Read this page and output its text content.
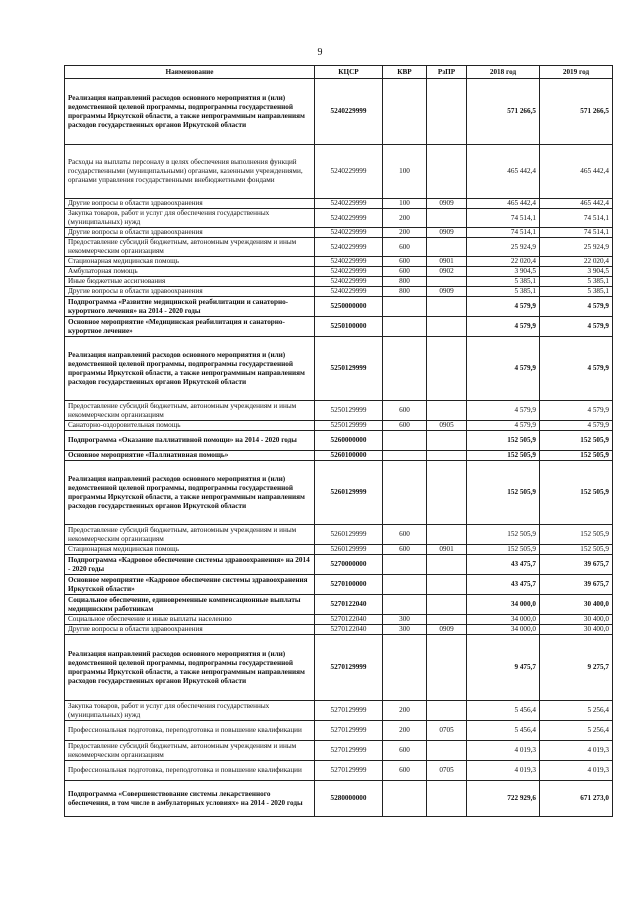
9
Наименование	КЦСР	КВР	РзПР	2018 год	2019 год
Реализация направлений расходов основного мероприятия и (или) ведомственной целевой программы, подпрограммы государственной программы Иркутской области, а также непрограммным направлениям расходов государственных органов Иркутской области	5240229999			571 266,5	571 266,5
Расходы на выплаты персоналу в целях обеспечения выполнения функций государственными (муниципальными) органами, казенными учреждениями, органами управления государственными внебюджетными фондами	5240229999	100		465 442,4	465 442,4
Другие вопросы в области здравоохранения	5240229999	100	0909	465 442,4	465 442,4
Закупка товаров, работ и услуг для обеспечения государственных (муниципальных) нужд	5240229999	200		74 514,1	74 514,1
Другие вопросы в области здравоохранения	5240229999	200	0909	74 514,1	74 514,1
Предоставление субсидий бюджетным, автономным учреждениям и иным некоммерческим организациям	5240229999	600		25 924,9	25 924,9
Стационарная медицинская помощь	5240229999	600	0901	22 020,4	22 020,4
Амбулаторная помощь	5240229999	600	0902	3 904,5	3 904,5
Иные бюджетные ассигнования	5240229999	800		5 385,1	5 385,1
Другие вопросы в области здравоохранения	5240229999	800	0909	5 385,1	5 385,1
Подпрограмма «Развитие медицинской реабилитации и санаторно-курортного лечения» на 2014 - 2020 годы	5250000000			4 579,9	4 579,9
Основное мероприятие «Медицинская реабилитация и санаторно-курортное лечение»	5250100000			4 579,9	4 579,9
Реализация направлений расходов основного мероприятия и (или) ведомственной целевой программы, подпрограммы государственной программы Иркутской области, а также непрограммным направлениям расходов государственных органов Иркутской области	5250129999			4 579,9	4 579,9
Предоставление субсидий бюджетным, автономным учреждениям и иным некоммерческим организациям	5250129999	600		4 579,9	4 579,9
Санаторно-оздоровительная помощь	5250129999	600	0905	4 579,9	4 579,9
Подпрограмма «Оказание паллиативной помощи» на 2014 - 2020 годы	5260000000			152 505,9	152 505,9
Основное мероприятие «Паллиативная помощь»	5260100000			152 505,9	152 505,9
Реализация направлений расходов основного мероприятия и (или) ведомственной целевой программы, подпрограммы государственной программы Иркутской области, а также непрограммным направлениям расходов государственных органов Иркутской области	5260129999			152 505,9	152 505,9
Предоставление субсидий бюджетным, автономным учреждениям и иным некоммерческим организациям	5260129999	600		152 505,9	152 505,9
Стационарная медицинская помощь	5260129999	600	0901	152 505,9	152 505,9
Подпрограмма «Кадровое обеспечение системы здравоохранения» на 2014 - 2020 годы	5270000000			43 475,7	39 675,7
Основное мероприятие «Кадровое обеспечение системы здравоохранения Иркутской области»	5270100000			43 475,7	39 675,7
Социальное обеспечение, единовременные компенсационные выплаты медицинским работникам	5270122040			34 000,0	30 400,0
Социальное обеспечение и иные выплаты населению	5270122040	300		34 000,0	30 400,0
Другие вопросы в области здравоохранения	5270122040	300	0909	34 000,0	30 400,0
Реализация направлений расходов основного мероприятия и (или) ведомственной целевой программы, подпрограммы государственной программы Иркутской области, а также непрограммным направлениям расходов государственных органов Иркутской области	5270129999			9 475,7	9 275,7
Закупка товаров, работ и услуг для обеспечения государственных (муниципальных) нужд	5270129999	200		5 456,4	5 256,4
Профессиональная подготовка, переподготовка и повышение квалификации	5270129999	200	0705	5 456,4	5 256,4
Предоставление субсидий бюджетным, автономным учреждениям и иным некоммерческим организациям	5270129999	600		4 019,3	4 019,3
Профессиональная подготовка, переподготовка и повышение квалификации	5270129999	600	0705	4 019,3	4 019,3
Подпрограмма «Совершенствование системы лекарственного обеспечения, в том числе в амбулаторных условиях» на 2014 - 2020 годы	5280000000			722 929,6	671 273,0
